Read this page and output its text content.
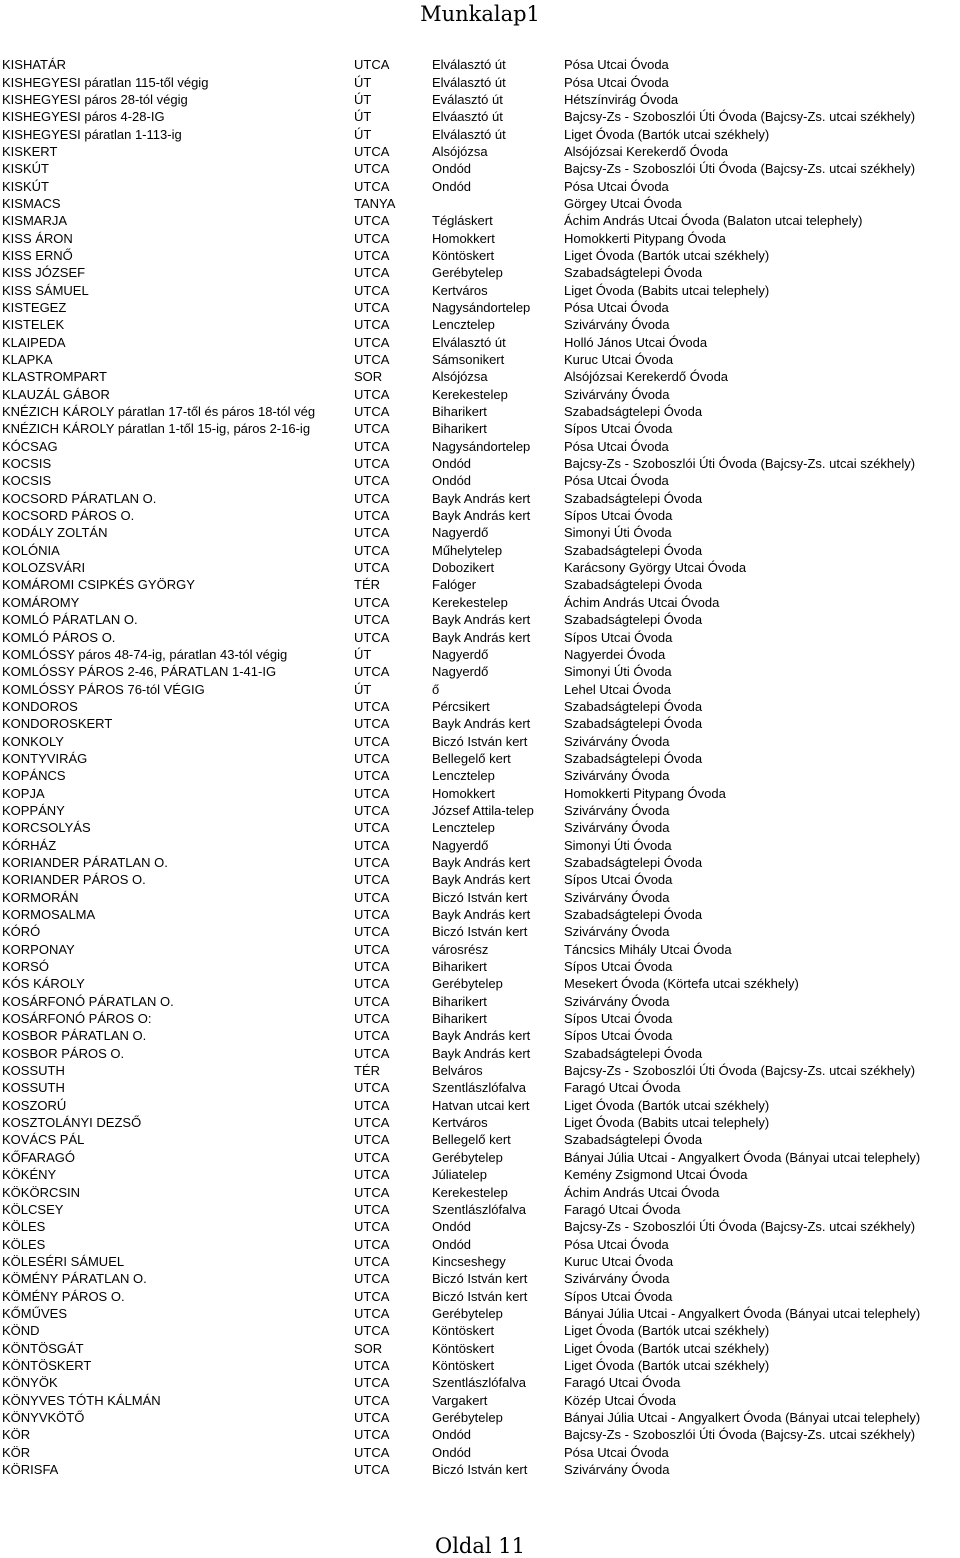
Munkalap1
KISHATÁR	UTCA	Elválasztó út	Pósa Utcai Óvoda
KISHEGYESI páratlan 115-től végig	ÚT	Elválasztó út	Pósa Utcai Óvoda
KISHEGYESI páros 28-tól végig	ÚT	Eválasztó út	Hétszínvirág Óvoda
KISHEGYESI páros 4-28-IG	ÚT	Elváasztó út	Bajcsy-Zs - Szoboszlói Úti Óvoda (Bajcsy-Zs. utcai székhely)
KISHEGYESI páratlan 1-113-ig	ÚT	Elválasztó út	Liget Óvoda (Bartók utcai székhely)
KISKERT	UTCA	Alsójózsa	Alsójózsai Kerekerdő Óvoda
KISKÚT	UTCA	Ondód	Bajcsy-Zs - Szoboszlói Úti Óvoda (Bajcsy-Zs. utcai székhely)
KISKÚT	UTCA	Ondód	Pósa Utcai Óvoda
KISMACS	TANYA		Görgey Utcai Óvoda
KISMARJA	UTCA	Tégláskert	Áchim András Utcai Óvoda (Balaton utcai telephely)
KISS ÁRON	UTCA	Homokkert	Homokkerti Pitypang Óvoda
KISS ERNŐ	UTCA	Köntöskert	Liget Óvoda (Bartók utcai székhely)
KISS JÓZSEF	UTCA	Gerébytelep	Szabadságtelepi Óvoda
KISS SÁMUEL	UTCA	Kertváros	Liget Óvoda (Babits utcai telephely)
KISTEGEZ	UTCA	Nagysándortelep	Pósa Utcai Óvoda
KISTELEK	UTCA	Lencztelep	Szivárvány Óvoda
KLAIPEDA	UTCA	Elválasztó út	Holló János Utcai Óvoda
KLAPKA	UTCA	Sámsonikert	Kuruc Utcai Óvoda
KLASTROMPART	SOR	Alsójózsa	Alsójózsai Kerekerdő Óvoda
KLAUZÁL GÁBOR	UTCA	Kerekestelep	Szivárvány Óvoda
KNÉZICH KÁROLY páratlan 17-től és páros 18-tól vég	UTCA	Biharikert	Szabadságtelepi Óvoda
KNÉZICH KÁROLY páratlan 1-től 15-ig, páros 2-16-ig	UTCA	Biharikert	Sípos Utcai Óvoda
KÓCSAG	UTCA	Nagysándortelep	Pósa Utcai Óvoda
KOCSIS	UTCA	Ondód	Bajcsy-Zs - Szoboszlói Úti Óvoda (Bajcsy-Zs. utcai székhely)
KOCSIS	UTCA	Ondód	Pósa Utcai Óvoda
KOCSORD PÁRATLAN O.	UTCA	Bayk András kert	Szabadságtelepi Óvoda
KOCSORD PÁROS O.	UTCA	Bayk András kert	Sípos Utcai Óvoda
KODÁLY ZOLTÁN	UTCA	Nagyerdő	Simonyi Úti Óvoda
KOLÓNIA	UTCA	Műhelytelep	Szabadságtelepi Óvoda
KOLOZSVÁRI	UTCA	Dobozikert	Karácsony György Utcai Óvoda
KOMÁROMI CSIPKÉS GYÖRGY	TÉR	Falóger	Szabadságtelepi Óvoda
KOMÁROMY	UTCA	Kerekestelep	Áchim András Utcai Óvoda
KOMLÓ PÁRATLAN O.	UTCA	Bayk András kert	Szabadságtelepi Óvoda
KOMLÓ PÁROS O.	UTCA	Bayk András kert	Sípos Utcai Óvoda
KOMLÓSSY páros 48-74-ig, páratlan 43-tól végig	ÚT	Nagyerdő	Nagyerdei Óvoda
KOMLÓSSY PÁROS 2-46, PÁRATLAN 1-41-IG	UTCA	Nagyerdő	Simonyi Úti Óvoda
KOMLÓSSY PÁROS 76-tól VÉGIG	ÚT	ő	Lehel Utcai Óvoda
KONDOROS	UTCA	Pércsikert	Szabadságtelepi Óvoda
KONDOROSKERT	UTCA	Bayk András kert	Szabadságtelepi Óvoda
KONKOLY	UTCA	Biczó István kert	Szivárvány Óvoda
KONTYVIRÁG	UTCA	Bellegelő kert	Szabadságtelepi Óvoda
KOPÁNCS	UTCA	Lencztelep	Szivárvány Óvoda
KOPJA	UTCA	Homokkert	Homokkerti Pitypang Óvoda
KOPPÁNY	UTCA	József Attila-telep	Szivárvány Óvoda
KORCSOLYÁS	UTCA	Lencztelep	Szivárvány Óvoda
KÓRHÁZ	UTCA	Nagyerdő	Simonyi Úti Óvoda
KORIANDER PÁRATLAN O.	UTCA	Bayk András kert	Szabadságtelepi Óvoda
KORIANDER PÁROS O.	UTCA	Bayk András kert	Sípos Utcai Óvoda
KORMORÁN	UTCA	Biczó István kert	Szivárvány Óvoda
KORMOSALMA	UTCA	Bayk András kert	Szabadságtelepi Óvoda
KÓRÓ	UTCA	Biczó István kert	Szivárvány Óvoda
KORPONAY	UTCA	városrész	Táncsics Mihály Utcai Óvoda
KORSÓ	UTCA	Biharikert	Sípos Utcai Óvoda
KÓS KÁROLY	UTCA	Gerébytelep	Mesekert Óvoda (Körtefa utcai székhely)
KOSÁRFONÓ PÁRATLAN O.	UTCA	Biharikert	Szivárvány Óvoda
KOSÁRFONÓ PÁROS O:	UTCA	Biharikert	Sípos Utcai Óvoda
KOSBOR PÁRATLAN O.	UTCA	Bayk András kert	Sípos Utcai Óvoda
KOSBOR PÁROS O.	UTCA	Bayk András kert	Szabadságtelepi Óvoda
KOSSUTH	TÉR	Belváros	Bajcsy-Zs - Szoboszlói Úti Óvoda (Bajcsy-Zs. utcai székhely)
KOSSUTH	UTCA	Szentlászlófalva	Faragó Utcai Óvoda
KOSZORÚ	UTCA	Hatvan utcai kert	Liget Óvoda (Bartók utcai székhely)
KOSZTOLÁNYI DEZSŐ	UTCA	Kertváros	Liget Óvoda (Babits utcai telephely)
KOVÁCS PÁL	UTCA	Bellegelő kert	Szabadságtelepi Óvoda
KŐFARAGÓ	UTCA	Gerébytelep	Bányai Júlia Utcai - Angyalkert Óvoda (Bányai utcai telephely)
KÖKÉNY	UTCA	Júliatelep	Kemény Zsigmond Utcai Óvoda
KÖKÖRCSIN	UTCA	Kerekestelep	Áchim András Utcai Óvoda
KÖLCSEY	UTCA	Szentlászlófalva	Faragó Utcai Óvoda
KÖLES	UTCA	Ondód	Bajcsy-Zs - Szoboszlói Úti Óvoda (Bajcsy-Zs. utcai székhely)
KÖLES	UTCA	Ondód	Pósa Utcai Óvoda
KÖLESÉRI SÁMUEL	UTCA	Kincseshegy	Kuruc Utcai Óvoda
KÖMÉNY PÁRATLAN O.	UTCA	Biczó István kert	Szivárvány Óvoda
KÖMÉNY PÁROS O.	UTCA	Biczó István kert	Sípos Utcai Óvoda
KŐMŰVES	UTCA	Gerébytelep	Bányai Júlia Utcai - Angyalkert Óvoda (Bányai utcai telephely)
KÖND	UTCA	Köntöskert	Liget Óvoda (Bartók utcai székhely)
KÖNTÖSGÁT	SOR	Köntöskert	Liget Óvoda (Bartók utcai székhely)
KÖNTÖSKERT	UTCA	Köntöskert	Liget Óvoda (Bartók utcai székhely)
KÖNYÖK	UTCA	Szentlászlófalva	Faragó Utcai Óvoda
KÖNYVES TÓTH KÁLMÁN	UTCA	Vargakert	Közép Utcai Óvoda
KÖNYVKÖTŐ	UTCA	Gerébytelep	Bányai Júlia Utcai - Angyalkert Óvoda (Bányai utcai telephely)
KÖR	UTCA	Ondód	Bajcsy-Zs - Szoboszlói Úti Óvoda (Bajcsy-Zs. utcai székhely)
KÖR	UTCA	Ondód	Pósa Utcai Óvoda
KÖRISFA	UTCA	Biczó István kert	Szivárvány Óvoda
Oldal 11
